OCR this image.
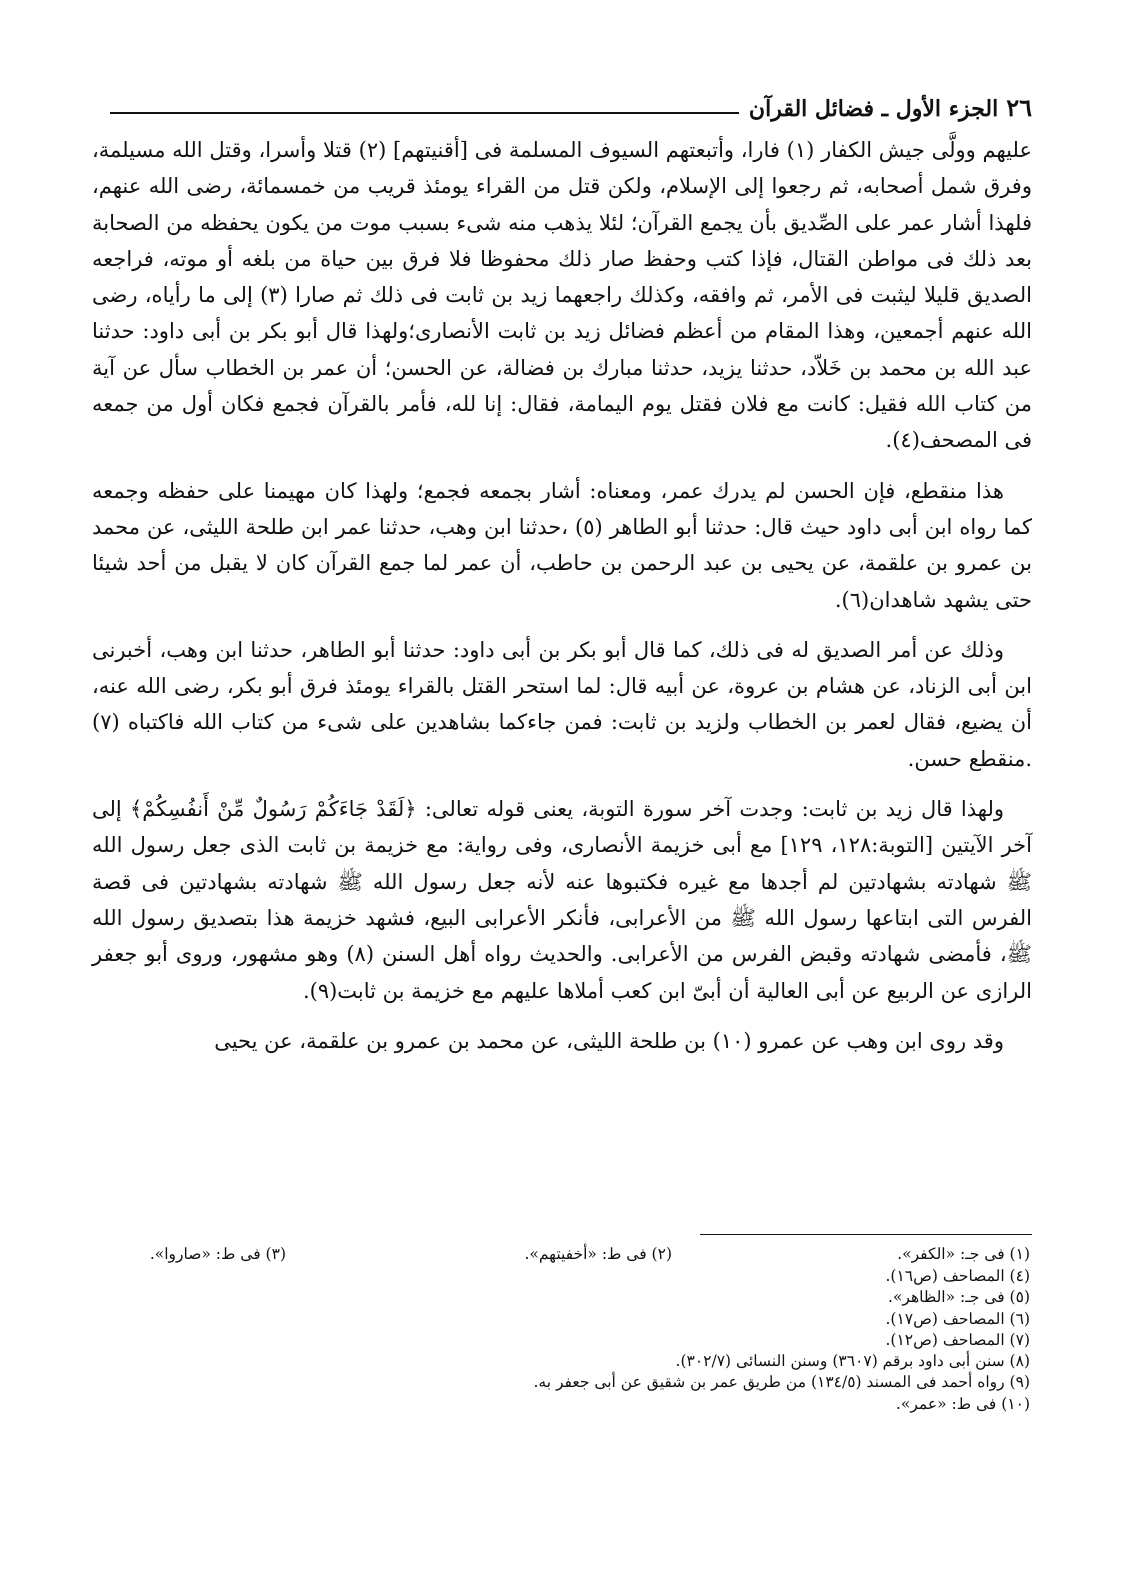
٢٦
الجزء الأول ـ فضائل القرآن

عليهم وولَّى جيش الكفار (١) فارا، وأتبعتهم السيوف المسلمة فى [أقنيتهم] (٢) قتلا وأسرا، وقتل الله مسيلمة، وفرق شمل أصحابه، ثم رجعوا إلى الإسلام، ولكن قتل من القراء يومئذ قريب من خمسمائة، رضى الله عنهم، فلهذا أشار عمر على الصِّديق بأن يجمع القرآن؛ لئلا يذهب منه شىء بسبب موت من يكون يحفظه من الصحابة بعد ذلك فى مواطن القتال، فإذا كتب وحفظ صار ذلك محفوظا فلا فرق بين حياة من بلغه أو موته، فراجعه الصديق قليلا ليثبت فى الأمر، ثم وافقه، وكذلك راجعهما زيد بن ثابت فى ذلك ثم صارا (٣) إلى ما رأياه، رضى الله عنهم أجمعين، وهذا المقام من أعظم فضائل زيد بن ثابت الأنصارى؛ولهذا قال أبو بكر بن أبى داود: حدثنا عبد الله بن محمد بن خَلاّد، حدثنا يزيد، حدثنا مبارك بن فضالة، عن الحسن؛ أن عمر بن الخطاب سأل عن آية من كتاب الله فقيل: كانت مع فلان فقتل يوم اليمامة، فقال: إنا لله، فأمر بالقرآن فجمع فكان أول من جمعه فى المصحف(٤).

هذا منقطع، فإن الحسن لم يدرك عمر، ومعناه: أشار بجمعه فجمع؛ ولهذا كان مهيمنا على حفظه وجمعه كما رواه ابن أبى داود حيث قال: حدثنا أبو الطاهر (٥) ،حدثنا ابن وهب، حدثنا عمر ابن طلحة الليثى، عن محمد بن عمرو بن علقمة، عن يحيى بن عبد الرحمن بن حاطب، أن عمر لما جمع القرآن كان لا يقبل من أحد شيئا حتى يشهد شاهدان(٦).

وذلك عن أمر الصديق له فى ذلك، كما قال أبو بكر بن أبى داود: حدثنا أبو الطاهر، حدثنا ابن وهب، أخبرنى ابن أبى الزناد، عن هشام بن عروة، عن أبيه قال: لما استحر القتل بالقراء يومئذ فرق أبو بكر، رضى الله عنه، أن يضيع، فقال لعمر بن الخطاب ولزيد بن ثابت: فمن جاءكما بشاهدين على شىء من كتاب الله فاكتباه (٧) .منقطع حسن.

ولهذا قال زيد بن ثابت: وجدت آخر سورة التوبة، يعنى قوله تعالى: ﴿لَقَدْ جَاءَكُمْ رَسُولٌ مِّنْ أَنفُسِكُمْ﴾ إلى آخر الآيتين [التوبة:١٢٨، ١٢٩] مع أبى خزيمة الأنصارى، وفى رواية: مع خزيمة بن ثابت الذى جعل رسول الله ﷺ شهادته بشهادتين لم أجدها مع غيره فكتبوها عنه لأنه جعل رسول الله ﷺ شهادته بشهادتين فى قصة الفرس التى ابتاعها رسول الله ﷺ من الأعرابى، فأنكر الأعرابى البيع، فشهد خزيمة هذا بتصديق رسول الله ﷺ، فأمضى شهادته وقبض الفرس من الأعرابى. والحديث رواه أهل السنن (٨) وهو مشهور، وروى أبو جعفر الرازى عن الربيع عن أبى العالية أن أبىّ ابن كعب أملاها عليهم مع خزيمة بن ثابت(٩).

وقد روى ابن وهب عن عمرو (١٠) بن طلحة الليثى، عن محمد بن عمرو بن علقمة، عن يحيى

(١) فى جـ: «الكفر».
(٢) فى ط: «أخفيتهم».
(٣) فى ط: «صاروا».
(٤) المصاحف (ص١٦).
(٥) فى جـ: «الظاهر».
(٦) المصاحف (ص١٧).
(٧) المصاحف (ص١٢).
(٨) سنن أبى داود برقم (٣٦٠٧) وسنن النسائى (٣٠٢/٧).
(٩) رواه أحمد فى المسند (١٣٤/٥) من طريق عمر بن شقيق عن أبى جعفر به.
(١٠) فى ط: «عمر».
